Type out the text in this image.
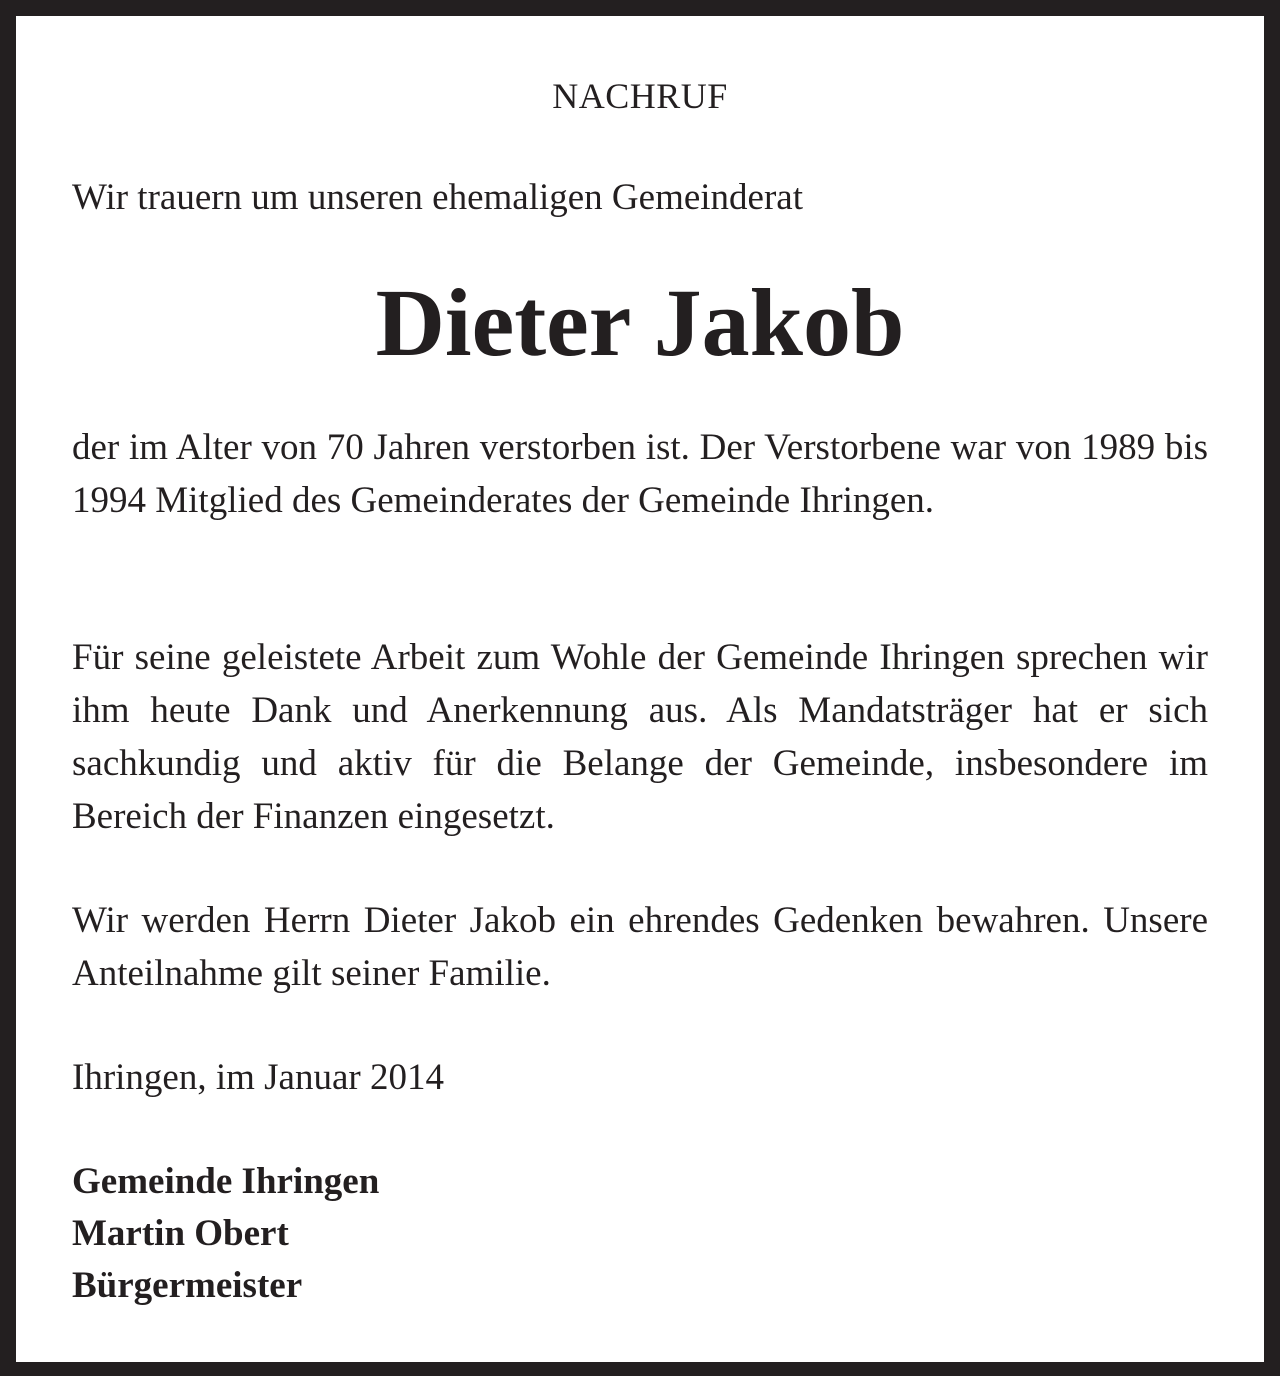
NACHRUF
Wir trauern um unseren ehemaligen Gemeinderat
Dieter Jakob

der im Alter von 70 Jahren verstorben ist. Der Verstorbene war von 1989 bis 1994 Mitglied des Gemeinderates der Gemeinde Ihringen.

Für seine geleistete Arbeit zum Wohle der Gemeinde Ihringen sprechen wir ihm heute Dank und Anerkennung aus. Als Mandatsträger hat er sich sachkundig und aktiv für die Belange der Gemeinde, insbesondere im Bereich der Finanzen eingesetzt.

Wir werden Herrn Dieter Jakob ein ehrendes Gedenken bewahren. Unsere Anteilnahme gilt seiner Familie.

Ihringen, im Januar 2014
Gemeinde Ihringen
Martin Obert
Bürgermeister
